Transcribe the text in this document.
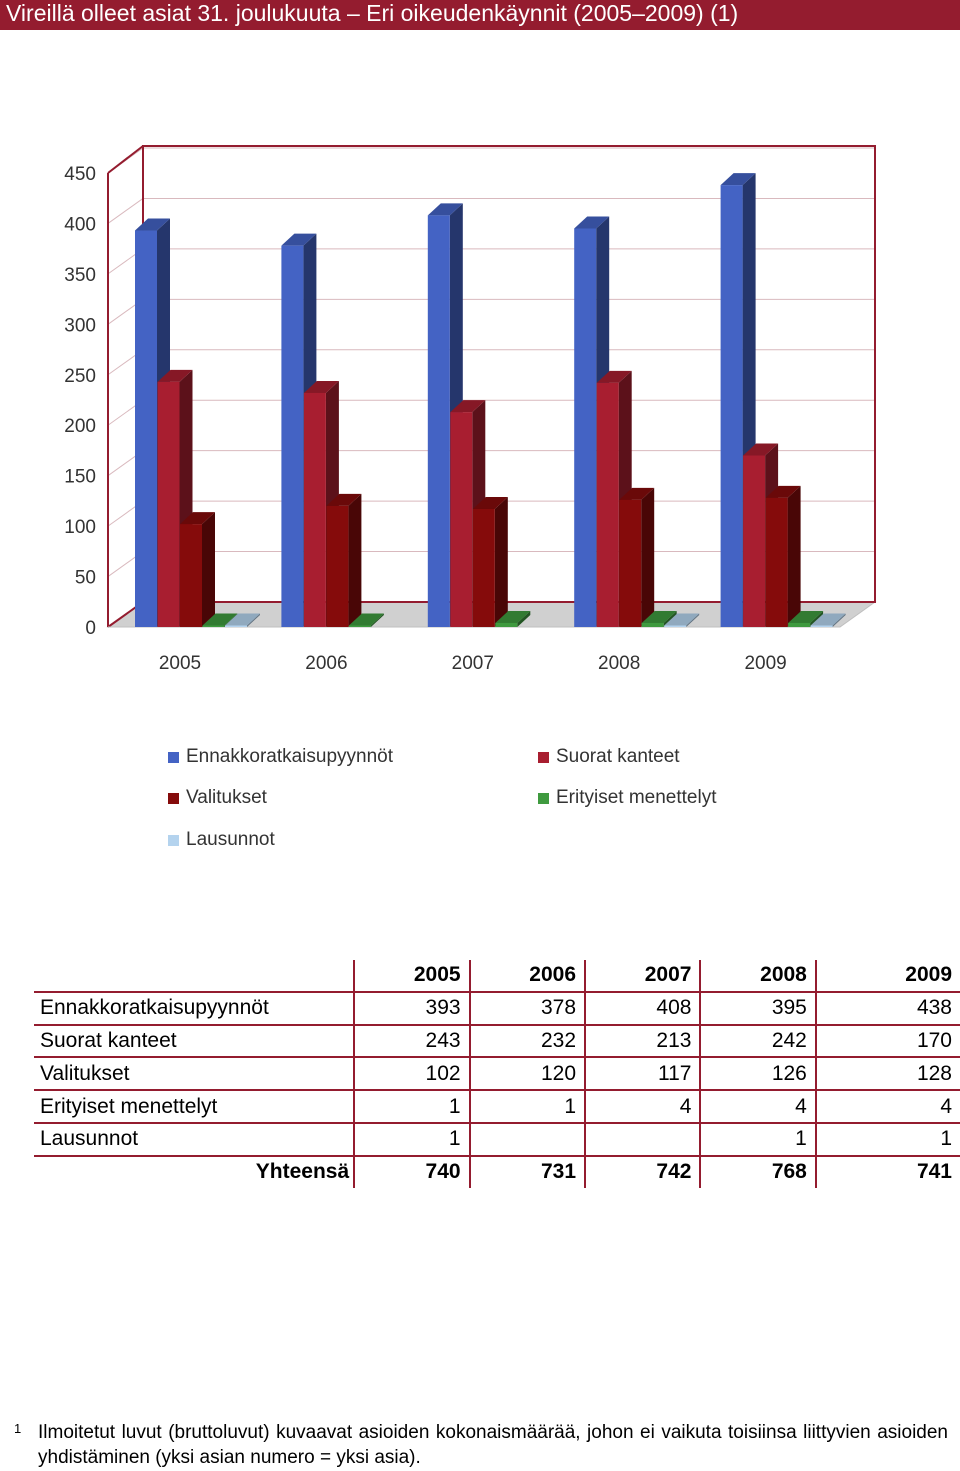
Vireillä olleet asiat 31. joulukuuta – Eri oikeudenkäynnit (2005–2009) (1)
0
50
100
150
200
250
300
350
400
450
2005	2006	2007	2008	2009
Ennakkoratkaisupyynnöt	Suorat kanteet
Valitukset	Erityiset menettelyt
Lausunnot
	2005	2006	2007	2008	2009
Ennakkoratkaisupyynnöt	393	378	408	395	438
Suorat kanteet	243	232	213	242	170
Valitukset	102	120	117	126	128
Erityiset menettelyt	1	1	4	4	4
Lausunnot	1			1	1
Yhteensä	740	731	742	768	741
1 Ilmoitetut luvut (bruttoluvut) kuvaavat asioiden kokonaismäärää, johon ei vaikuta toisiinsa liittyvien asioiden yhdistäminen (yksi asian numero = yksi asia).
